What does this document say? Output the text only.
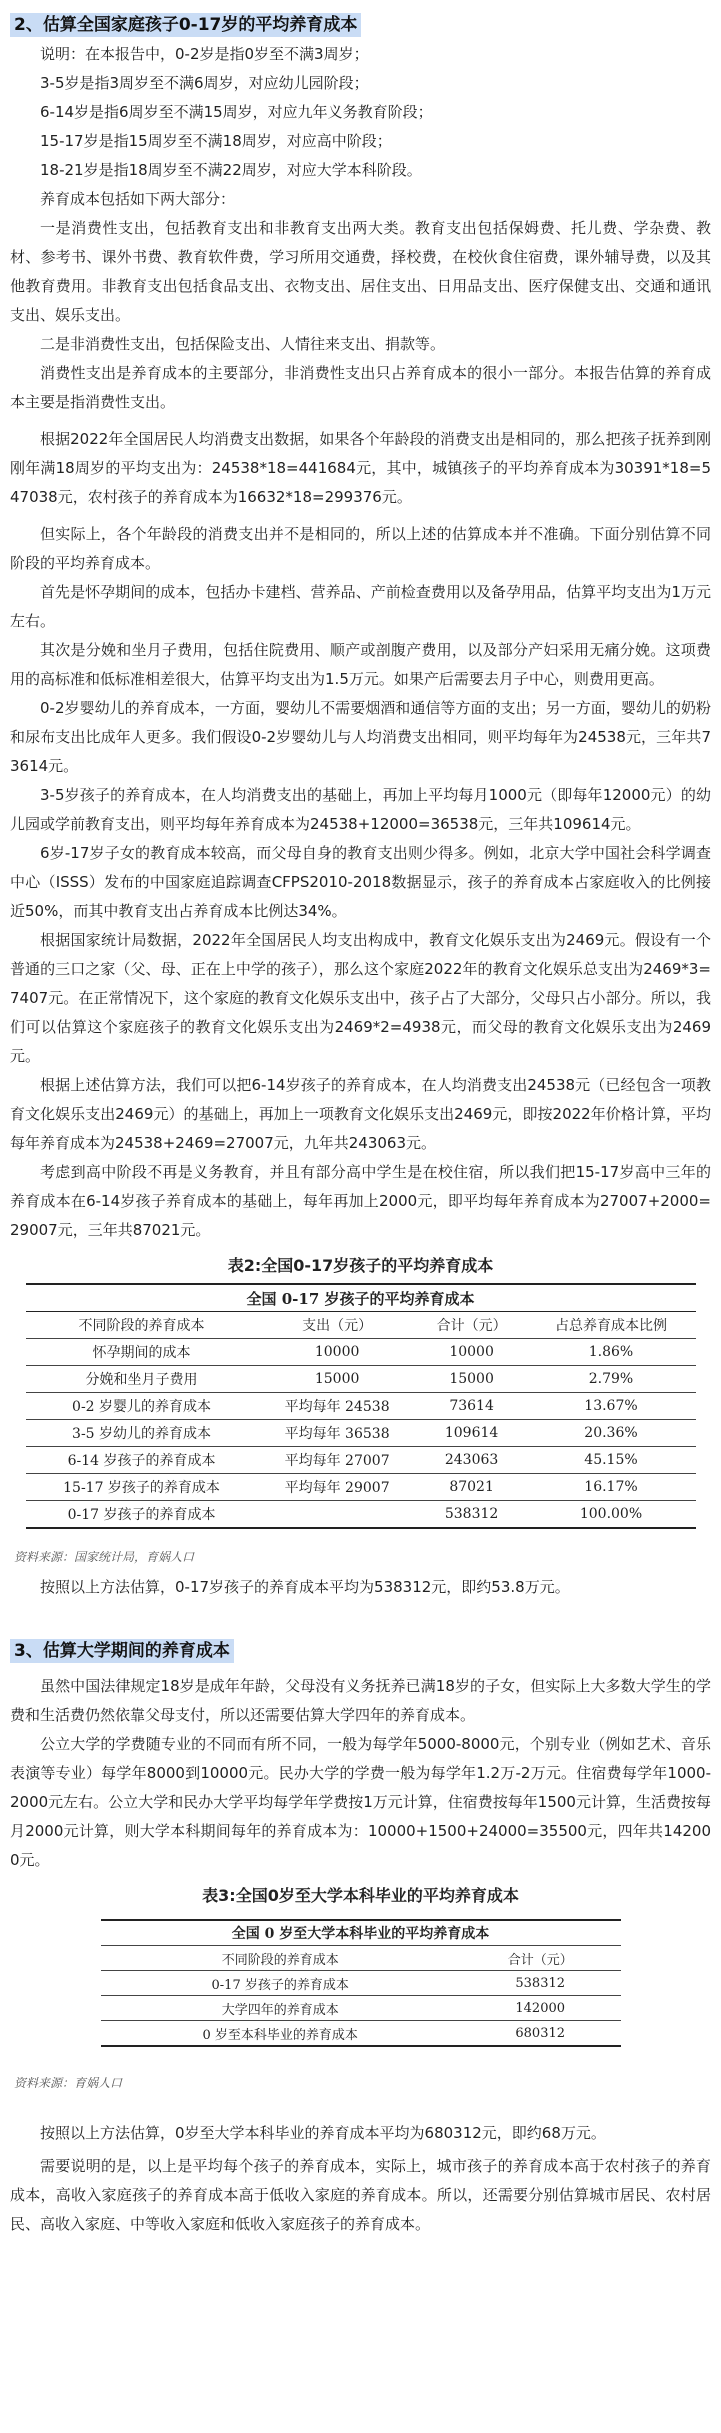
2、估算全国家庭孩子0-17岁的平均养育成本

说明：在本报告中，0-2岁是指0岁至不满3周岁；

3-5岁是指3周岁至不满6周岁，对应幼儿园阶段；

6-14岁是指6周岁至不满15周岁，对应九年义务教育阶段；

15-17岁是指15周岁至不满18周岁，对应高中阶段；

18-21岁是指18周岁至不满22周岁，对应大学本科阶段。

养育成本包括如下两大部分：

一是消费性支出，包括教育支出和非教育支出两大类。教育支出包括保姆费、托儿费、学杂费、教材、参考书、课外书费、教育软件费，学习所用交通费，择校费，在校伙食住宿费，课外辅导费，以及其他教育费用。非教育支出包括食品支出、衣物支出、居住支出、日用品支出、医疗保健支出、交通和通讯支出、娱乐支出。

二是非消费性支出，包括保险支出、人情往来支出、捐款等。

消费性支出是养育成本的主要部分，非消费性支出只占养育成本的很小一部分。本报告估算的养育成本主要是指消费性支出。

根据2022年全国居民人均消费支出数据，如果各个年龄段的消费支出是相同的，那么把孩子抚养到刚刚年满18周岁的平均支出为：24538*18=441684元，其中，城镇孩子的平均养育成本为30391*18=547038元，农村孩子的养育成本为16632*18=299376元。

但实际上，各个年龄段的消费支出并不是相同的，所以上述的估算成本并不准确。下面分别估算不同阶段的平均养育成本。

首先是怀孕期间的成本，包括办卡建档、营养品、产前检查费用以及备孕用品，估算平均支出为1万元左右。

其次是分娩和坐月子费用，包括住院费用、顺产或剖腹产费用，以及部分产妇采用无痛分娩。这项费用的高标准和低标准相差很大，估算平均支出为1.5万元。如果产后需要去月子中心，则费用更高。

0-2岁婴幼儿的养育成本，一方面，婴幼儿不需要烟酒和通信等方面的支出；另一方面，婴幼儿的奶粉和尿布支出比成年人更多。我们假设0-2岁婴幼儿与人均消费支出相同，则平均每年为24538元，三年共73614元。

3-5岁孩子的养育成本，在人均消费支出的基础上，再加上平均每月1000元（即每年12000元）的幼儿园或学前教育支出，则平均每年养育成本为24538+12000=36538元，三年共109614元。

6岁-17岁子女的教育成本较高，而父母自身的教育支出则少得多。例如，北京大学中国社会科学调查中心（ISSS）发布的中国家庭追踪调查CFPS2010-2018数据显示，孩子的养育成本占家庭收入的比例接近50%，而其中教育支出占养育成本比例达34%。

根据国家统计局数据，2022年全国居民人均支出构成中，教育文化娱乐支出为2469元。假设有一个普通的三口之家（父、母、正在上中学的孩子），那么这个家庭2022年的教育文化娱乐总支出为2469*3=7407元。在正常情况下，这个家庭的教育文化娱乐支出中，孩子占了大部分，父母只占小部分。所以，我们可以估算这个家庭孩子的教育文化娱乐支出为2469*2=4938元，而父母的教育文化娱乐支出为2469元。

根据上述估算方法，我们可以把6-14岁孩子的养育成本，在人均消费支出24538元（已经包含一项教育文化娱乐支出2469元）的基础上，再加上一项教育文化娱乐支出2469元，即按2022年价格计算，平均每年养育成本为24538+2469=27007元，九年共243063元。

考虑到高中阶段不再是义务教育，并且有部分高中学生是在校住宿，所以我们把15-17岁高中三年的养育成本在6-14岁孩子养育成本的基础上，每年再加上2000元，即平均每年养育成本为27007+2000=29007元，三年共87021元。

表2:全国0-17岁孩子的平均养育成本
全国 0-17 岁孩子的平均养育成本			
不同阶段的养育成本	支出（元）	合计（元）	占总养育成本比例
怀孕期间的成本	10000	10000	1.86%
分娩和坐月子费用	15000	15000	2.79%
0-2 岁婴儿的养育成本	平均每年 24538	73614	13.67%
3-5 岁幼儿的养育成本	平均每年 36538	109614	20.36%
6-14 岁孩子的养育成本	平均每年 27007	243063	45.15%
15-17 岁孩子的养育成本	平均每年 29007	87021	16.17%
0-17 岁孩子的养育成本		538312	100.00%
资料来源：国家统计局，育娲人口

按照以上方法估算，0-17岁孩子的养育成本平均为538312元，即约53.8万元。

3、估算大学期间的养育成本

虽然中国法律规定18岁是成年年龄，父母没有义务抚养已满18岁的子女，但实际上大多数大学生的学费和生活费仍然依靠父母支付，所以还需要估算大学四年的养育成本。

公立大学的学费随专业的不同而有所不同，一般为每学年5000-8000元，个别专业（例如艺术、音乐表演等专业）每学年8000到10000元。民办大学的学费一般为每学年1.2万-2万元。住宿费每学年1000-2000元左右。公立大学和民办大学平均每学年学费按1万元计算，住宿费按每年1500元计算，生活费按每月2000元计算，则大学本科期间每年的养育成本为：10000+1500+24000=35500元，四年共142000元。

表3:全国0岁至大学本科毕业的平均养育成本
全国 0 岁至大学本科毕业的平均养育成本	
不同阶段的养育成本	合计（元）
0-17 岁孩子的养育成本	538312
大学四年的养育成本	142000
0 岁至本科毕业的养育成本	680312
资料来源：育娲人口

按照以上方法估算，0岁至大学本科毕业的养育成本平均为680312元，即约68万元。

需要说明的是，以上是平均每个孩子的养育成本，实际上，城市孩子的养育成本高于农村孩子的养育成本，高收入家庭孩子的养育成本高于低收入家庭的养育成本。所以，还需要分别估算城市居民、农村居民、高收入家庭、中等收入家庭和低收入家庭孩子的养育成本。
